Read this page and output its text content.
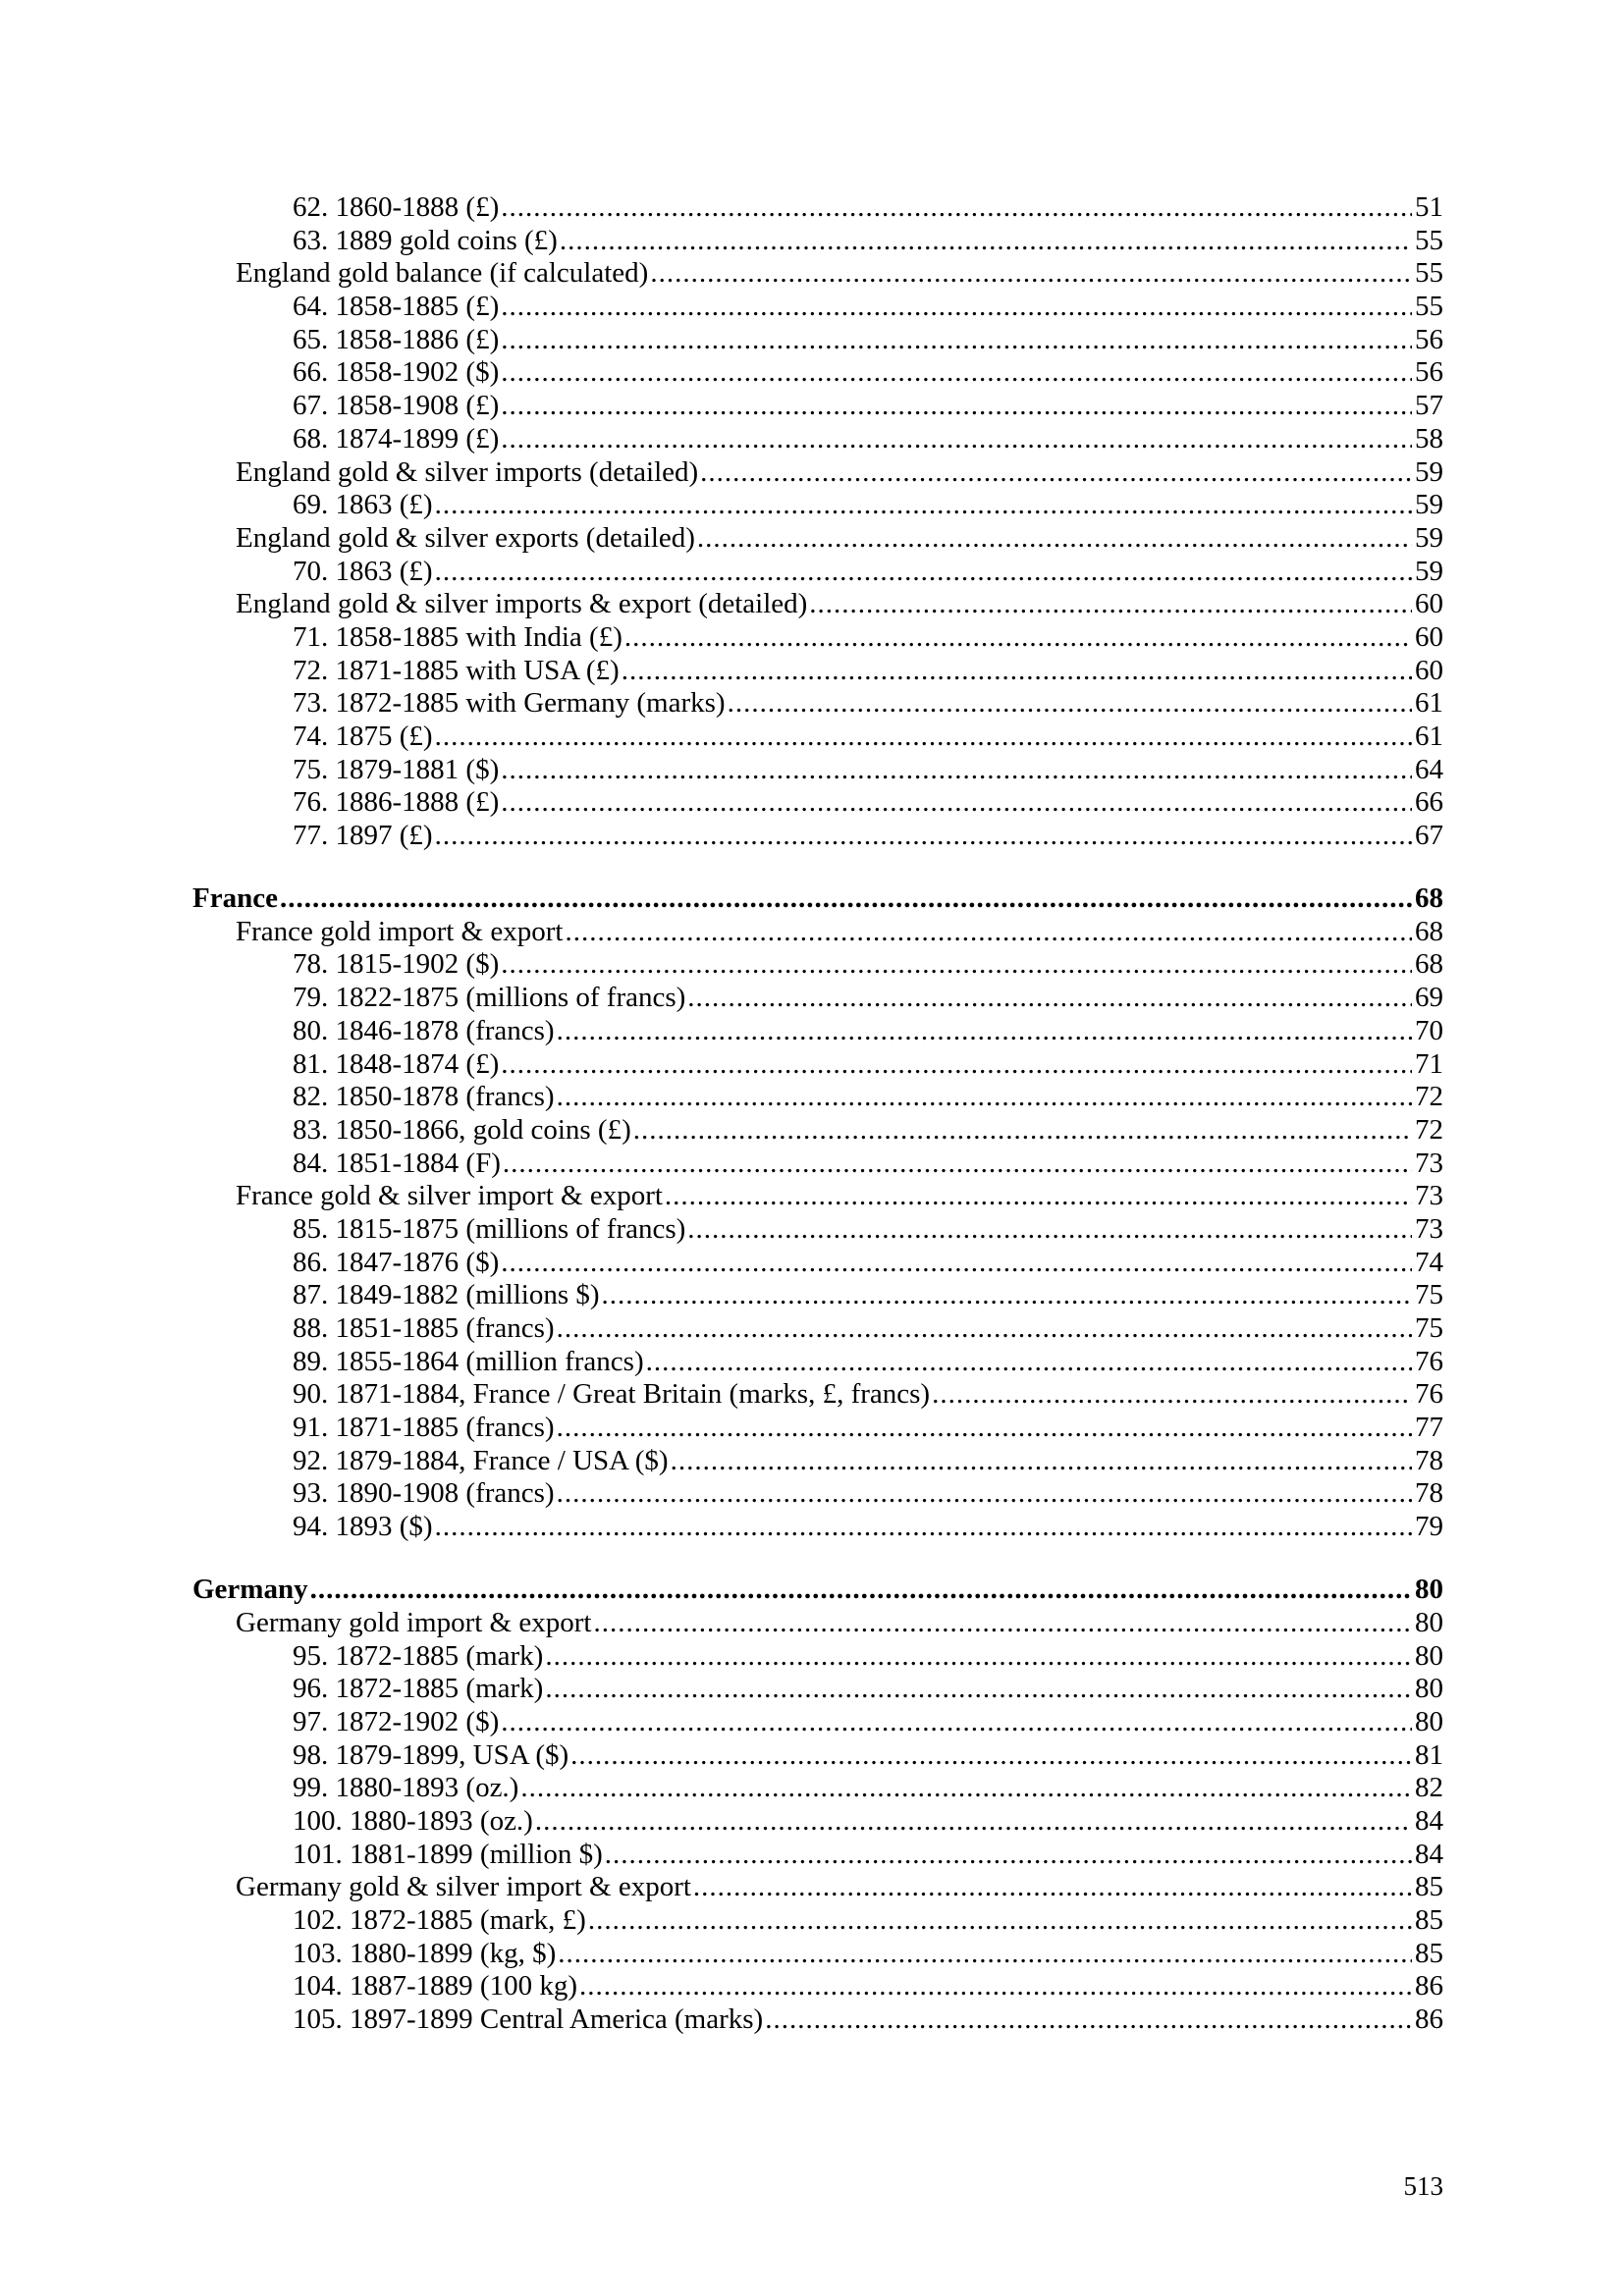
62. 1860-1888 (£) .....	51
63. 1889 gold coins (£) .....	55
England gold balance (if calculated) .....	55
64. 1858-1885 (£) .....	55
65. 1858-1886 (£) .....	56
66. 1858-1902 ($) .....	56
67. 1858-1908 (£) .....	57
68. 1874-1899 (£) .....	58
England gold & silver imports (detailed) .....	59
69. 1863 (£) .....	59
England gold & silver exports (detailed) .....	59
70. 1863 (£) .....	59
England gold & silver imports & export (detailed) .....	60
71. 1858-1885 with India (£) .....	60
72. 1871-1885 with USA (£) .....	60
73. 1872-1885 with Germany (marks) .....	61
74. 1875 (£) .....	61
75. 1879-1881 ($) .....	64
76. 1886-1888 (£) .....	66
77. 1897 (£) .....	67
France .....	68
France gold import & export .....	68
78. 1815-1902 ($) .....	68
79. 1822-1875 (millions of francs) .....	69
80. 1846-1878 (francs) .....	70
81. 1848-1874 (£) .....	71
82. 1850-1878 (francs) .....	72
83. 1850-1866, gold coins (£) .....	72
84. 1851-1884 (F) .....	73
France gold & silver import & export .....	73
85. 1815-1875 (millions of francs) .....	73
86. 1847-1876 ($) .....	74
87. 1849-1882 (millions $) .....	75
88. 1851-1885 (francs) .....	75
89. 1855-1864 (million francs) .....	76
90. 1871-1884, France / Great Britain (marks, £, francs) .....	76
91. 1871-1885 (francs) .....	77
92. 1879-1884, France / USA ($) .....	78
93. 1890-1908 (francs) .....	78
94. 1893 ($) .....	79
Germany .....	80
Germany gold import & export .....	80
95. 1872-1885 (mark) .....	80
96. 1872-1885 (mark) .....	80
97. 1872-1902 ($) .....	80
98. 1879-1899, USA ($) .....	81
99. 1880-1893 (oz.) .....	82
100. 1880-1893 (oz.) .....	84
101. 1881-1899 (million $) .....	84
Germany gold & silver import & export .....	85
102. 1872-1885 (mark, £) .....	85
103. 1880-1899 (kg, $) .....	85
104. 1887-1889 (100 kg) .....	86
105. 1897-1899 Central America (marks) .....	86
513
